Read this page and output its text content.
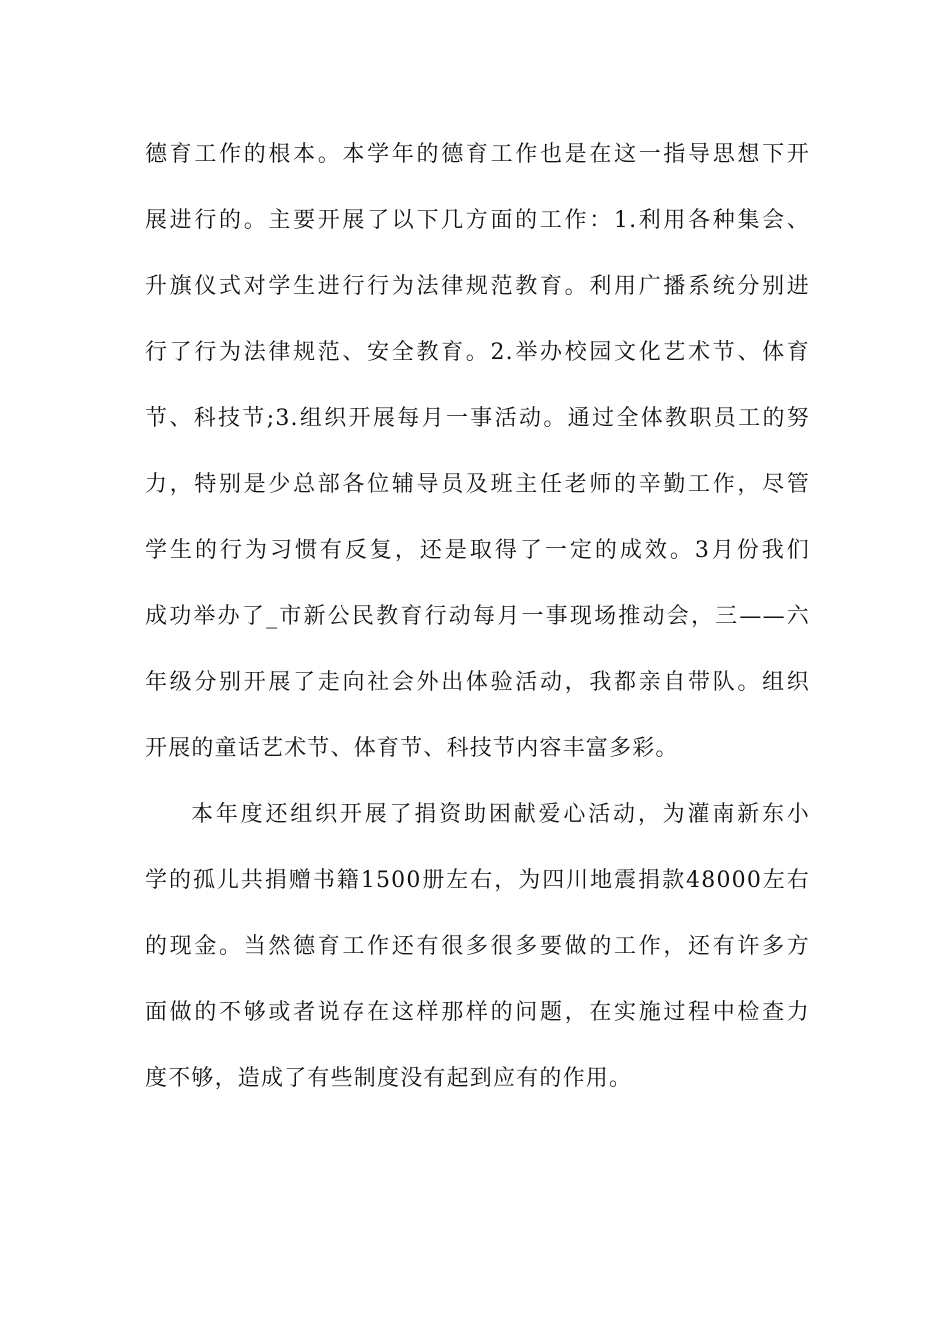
德育工作的根本。本学年的德育工作也是在这一指导思想下开
展进行的。主要开展了以下几方面的工作：1.利用各种集会、
升旗仪式对学生进行行为法律规范教育。利用广播系统分别进
行了行为法律规范、安全教育。2.举办校园文化艺术节、体育
节、科技节;3.组织开展每月一事活动。通过全体教职员工的努
力，特别是少总部各位辅导员及班主任老师的辛勤工作，尽管
学生的行为习惯有反复，还是取得了一定的成效。3月份我们
成功举办了_市新公民教育行动每月一事现场推动会，三——六
年级分别开展了走向社会外出体验活动，我都亲自带队。组织
开展的童话艺术节、体育节、科技节内容丰富多彩。
本年度还组织开展了捐资助困献爱心活动，为灌南新东小
学的孤儿共捐赠书籍1500册左右，为四川地震捐款48000左右
的现金。当然德育工作还有很多很多要做的工作，还有许多方
面做的不够或者说存在这样那样的问题，在实施过程中检查力
度不够，造成了有些制度没有起到应有的作用。
